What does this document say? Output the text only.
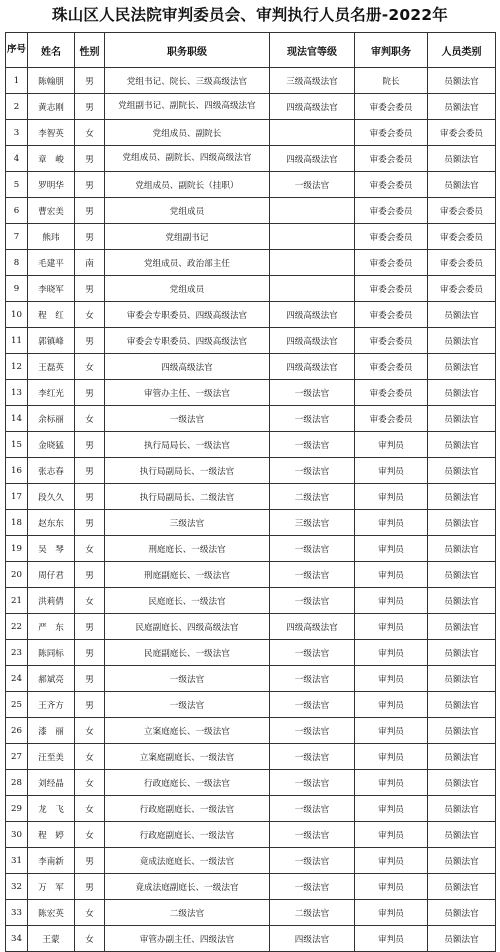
珠山区人民法院审判委员会、审判执行人员名册-2022年
序号	姓名	性别	职务职级	现法官等级	审判职务	人员类别
1	陈翰朋	男	党组书记、院长、三级高级法官	三级高级法官	院长	员额法官
2	黄志刚	男	党组副书记、副院长、四级高级法官	四级高级法官	审委会委员	员额法官
3	李智英	女	党组成员、副院长		审委会委员	审委会委员
4	章　峻	男	党组成员、副院长、四级高级法官	四级高级法官	审委会委员	员额法官
5	罗明华	男	党组成员、副院长（挂职）	一级法官	审委会委员	员额法官
6	曹宏美	男	党组成员		审委会委员	审委会委员
7	熊玮	男	党组副书记		审委会委员	审委会委员
8	毛建平	南	党组成员、政治部主任		审委会委员	审委会委员
9	李晓军	男	党组成员		审委会委员	审委会委员
10	程　红	女	审委会专职委员、四级高级法官	四级高级法官	审委会委员	员额法官
11	郭镇峰	男	审委会专职委员、四级高级法官	四级高级法官	审委会委员	员额法官
12	王磊英	女	四级高级法官	四级高级法官	审委会委员	员额法官
13	李红光	男	审管办主任、一级法官	一级法官	审委会委员	员额法官
14	余标丽	女	一级法官	一级法官	审委会委员	员额法官
15	金晓猛	男	执行局局长、一级法官	一级法官	审判员	员额法官
16	张志春	男	执行局副局长、一级法官	一级法官	审判员	员额法官
17	段久久	男	执行局副局长、二级法官	二级法官	审判员	员额法官
18	赵东东	男	三级法官	三级法官	审判员	员额法官
19	吴　琴	女	刑庭庭长、一级法官	一级法官	审判员	员额法官
20	周仔君	男	刑庭副庭长、一级法官	一级法官	审判员	员额法官
21	洪莉倩	女	民庭庭长、一级法官	一级法官	审判员	员额法官
22	严　东	男	民庭副庭长、四级高级法官	四级高级法官	审判员	员额法官
23	陈同标	男	民庭副庭长、一级法官	一级法官	审判员	员额法官
24	郝斌亮	男	一级法官	一级法官	审判员	员额法官
25	王齐方	男	一级法官	一级法官	审判员	员额法官
26	漆　丽	女	立案庭庭长、一级法官	一级法官	审判员	员额法官
27	汪至美	女	立案庭副庭长、一级法官	一级法官	审判员	员额法官
28	刘经晶	女	行政庭庭长、一级法官	一级法官	审判员	员额法官
29	龙　飞	女	行政庭副庭长、一级法官	一级法官	审判员	员额法官
30	程　婷	女	行政庭副庭长、一级法官	一级法官	审判员	员额法官
31	李南新	男	竟成法庭庭长、一级法官	一级法官	审判员	员额法官
32	万　军	男	竟成法庭副庭长、一级法官	一级法官	审判员	员额法官
33	陈宏英	女	二级法官	二级法官	审判员	员额法官
34	王蒙	女	审管办副主任、四级法官	四级法官	审判员	员额法官
